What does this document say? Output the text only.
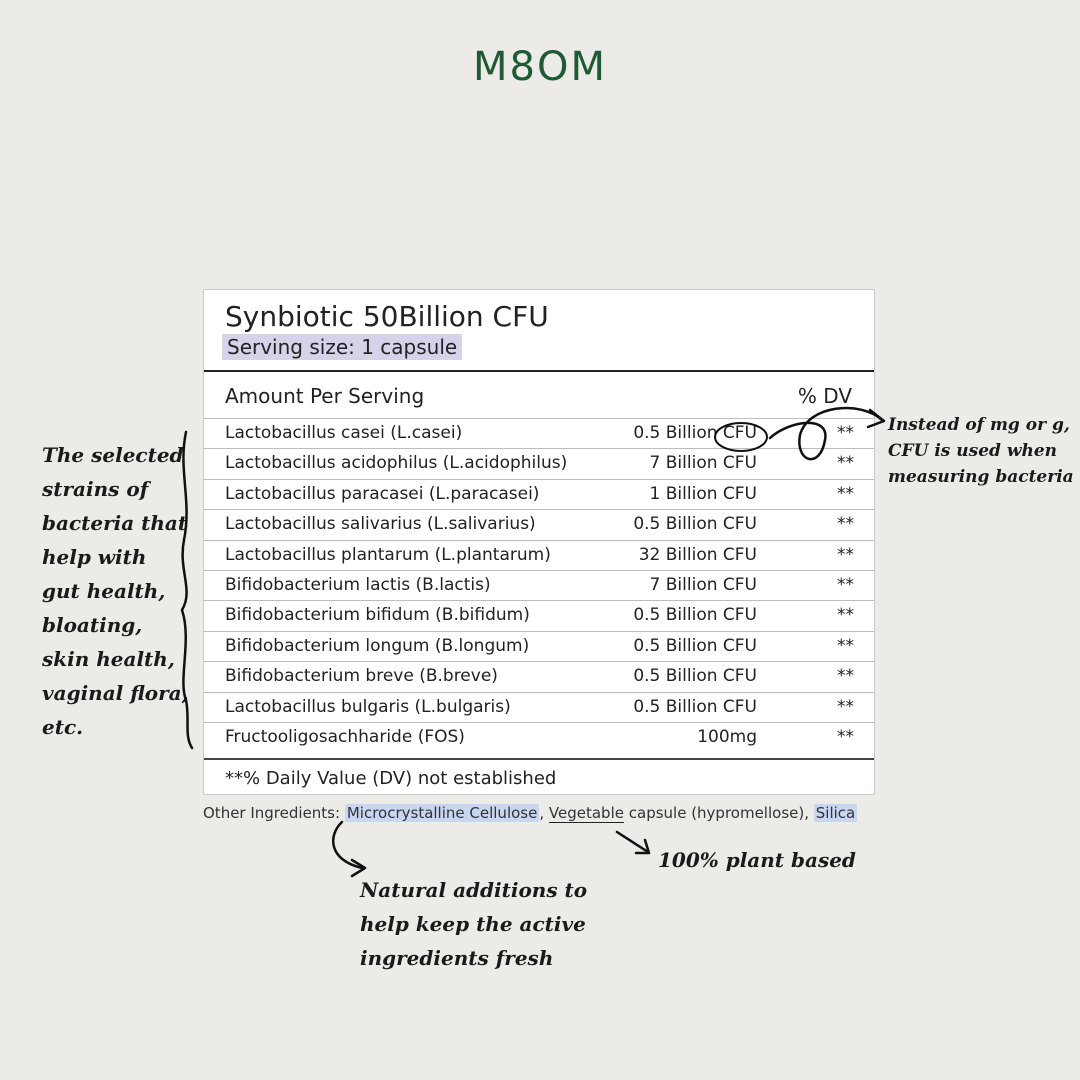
M8OM
Synbiotic 50Billion CFU
Serving size: 1 capsule
Amount Per Serving	% DV
Lactobacillus casei (L.casei)	0.5 Billion CFU	**
Lactobacillus acidophilus (L.acidophilus)	7 Billion CFU	**
Lactobacillus paracasei (L.paracasei)	1 Billion CFU	**
Lactobacillus salivarius (L.salivarius)	0.5 Billion CFU	**
Lactobacillus plantarum (L.plantarum)	32 Billion CFU	**
Bifidobacterium lactis (B.lactis)	7 Billion CFU	**
Bifidobacterium bifidum (B.bifidum)	0.5 Billion CFU	**
Bifidobacterium longum (B.longum)	0.5 Billion CFU	**
Bifidobacterium breve (B.breve)	0.5 Billion CFU	**
Lactobacillus bulgaris (L.bulgaris)	0.5 Billion CFU	**
Fructooligosachharide (FOS)	100mg	**
**% Daily Value (DV) not established
Other Ingredients: Microcrystalline Cellulose , Vegetable capsule (hypromellose), Silica
The selected
strains of
bacteria that
help with
gut health,
bloating,
skin health,
vaginal flora,
etc.
Instead of mg or g,
CFU is used when
measuring bacteria
100% plant based
Natural additions to
help keep the active
ingredients fresh
